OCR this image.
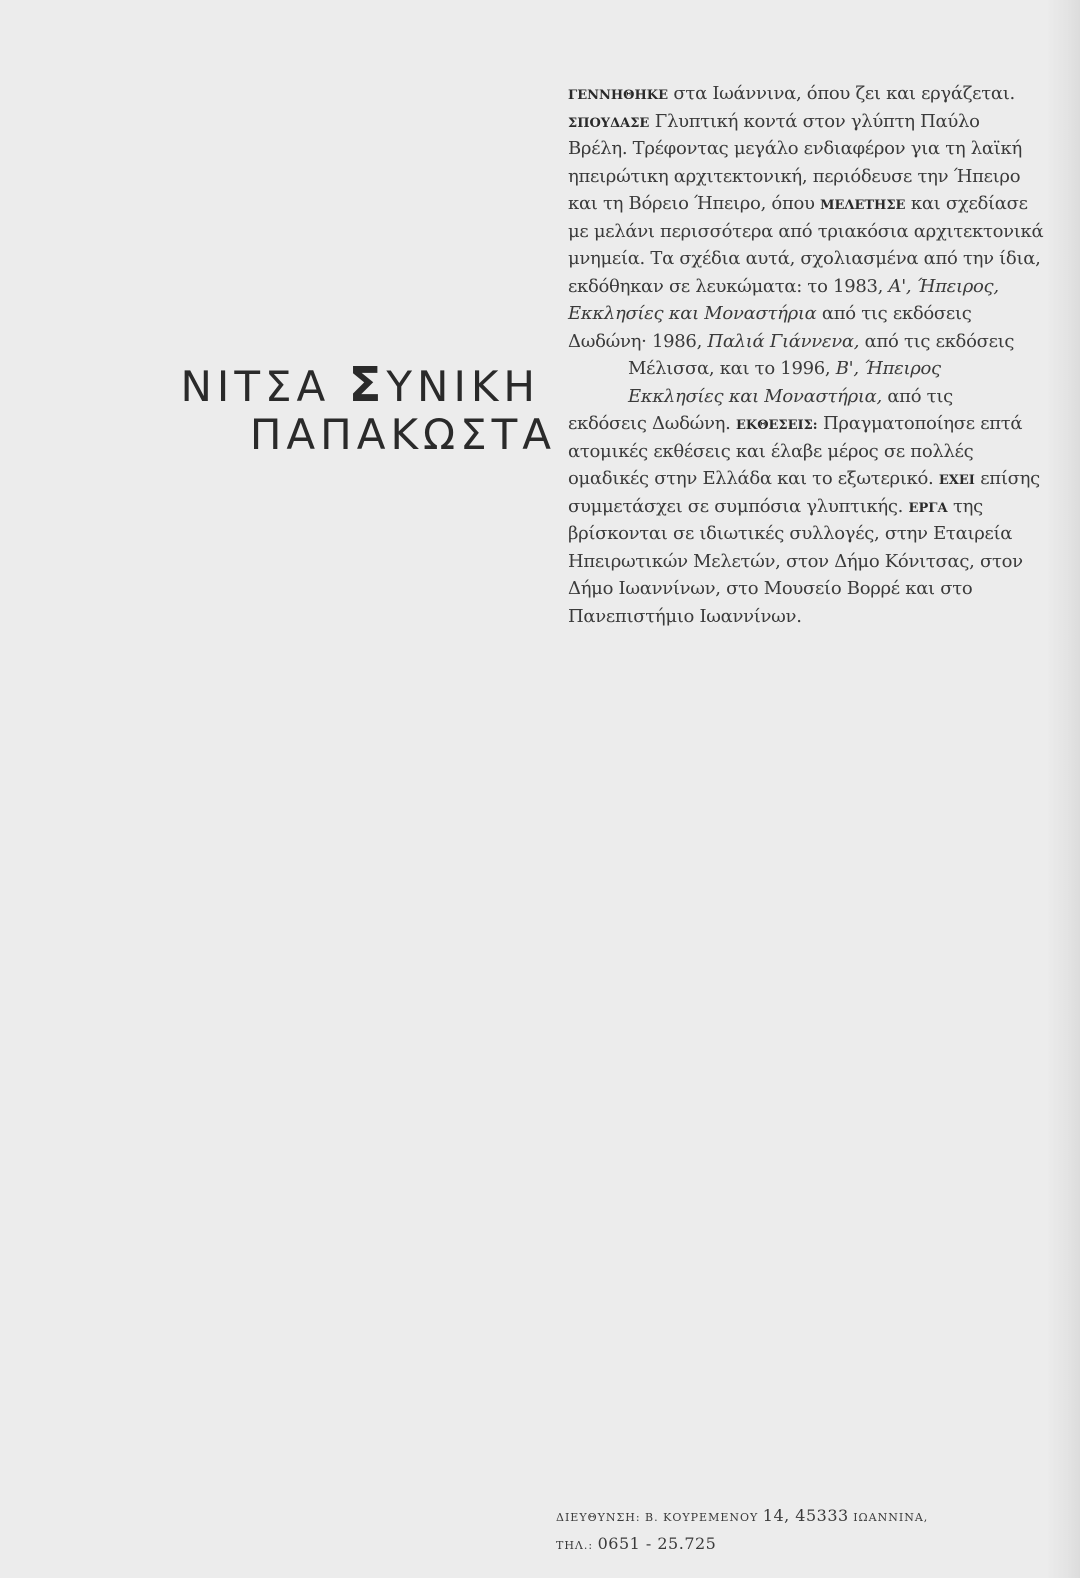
ΝΙΤΣΑ ΣΥΝΙΚΗ
ΠΑΠΑΚΩΣΤΑ
ΓΕΝΝΗΘΗΚΕ στα Ιωάννινα, όπου ζει και εργάζεται.
ΣΠΟΥΔΑΣΕ Γλυπτική κοντά στον γλύπτη Παύλο
Βρέλη. Τρέφοντας μεγάλο ενδιαφέρον για τη λαϊκή
ηπειρώτικη αρχιτεκτονική, περιόδευσε την Ήπειρο
και τη Βόρειο Ήπειρο, όπου ΜΕΛΕΤΗΣΕ και σχεδίασε
με μελάνι περισσότερα από τριακόσια αρχιτεκτονικά
μνημεία. Τα σχέδια αυτά, σχολιασμένα από την ίδια,
εκδόθηκαν σε λευκώματα: το 1983, Α', Ήπειρος,
Εκκλησίες και Μοναστήρια από τις εκδόσεις
Δωδώνη· 1986, Παλιά Γιάννενα, από τις εκδόσεις
Μέλισσα, και το 1996, Β', Ήπειρος
Εκκλησίες και Μοναστήρια, από τις
εκδόσεις Δωδώνη. ΕΚΘΕΣΕΙΣ: Πραγματοποίησε επτά
ατομικές εκθέσεις και έλαβε μέρος σε πολλές
ομαδικές στην Ελλάδα και το εξωτερικό. ΕΧΕΙ επίσης
συμμετάσχει σε συμπόσια γλυπτικής. ΕΡΓΑ της
βρίσκονται σε ιδιωτικές συλλογές, στην Εταιρεία
Ηπειρωτικών Μελετών, στον Δήμο Κόνιτσας, στον
Δήμο Ιωαννίνων, στο Μουσείο Βορρέ και στο
Πανεπιστήμιο Ιωαννίνων.
ΔΙΕΥΘΥΝΣΗ: Β. ΚΟΥΡΕΜΕΝΟΥ 14, 45333 ΙΩΑΝΝΙΝΑ,
ΤΗΛ.: 0651 - 25.725
